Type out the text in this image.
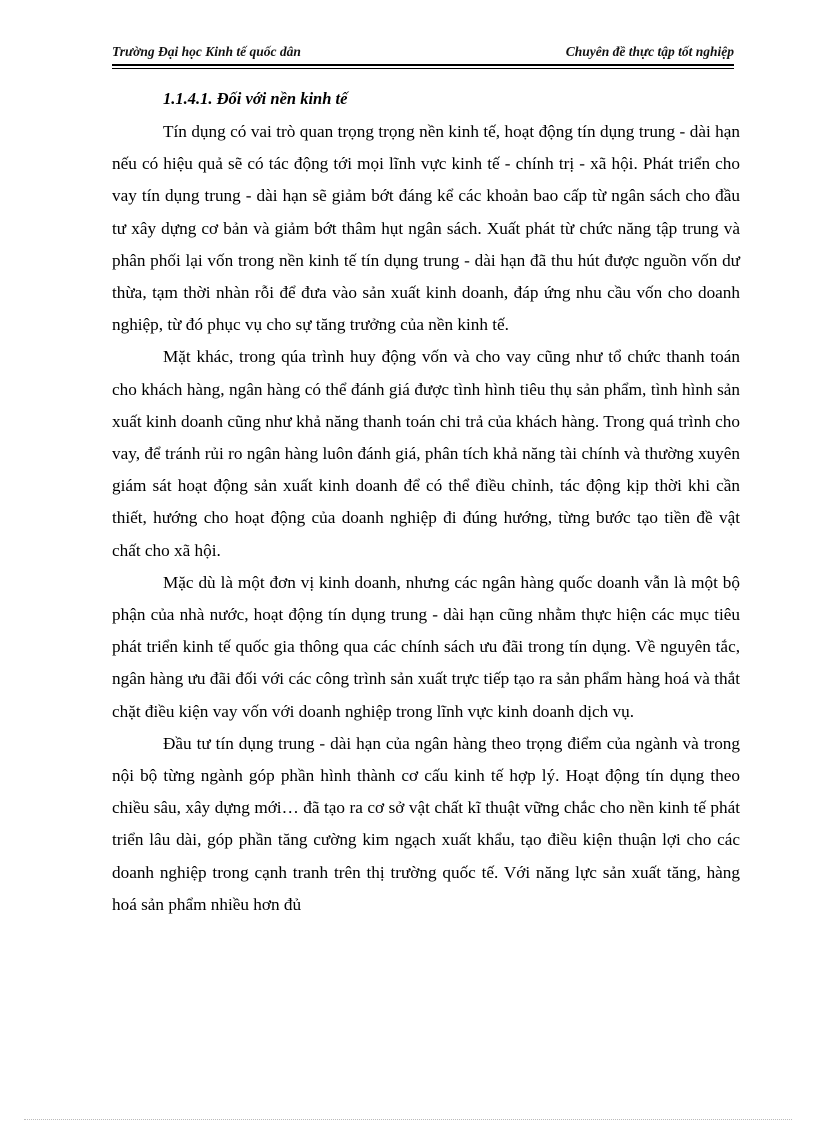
Trường Đại học Kinh tế quốc dân	Chuyên đề thực tập tốt nghiệp
1.1.4.1. Đối với nền kinh tế

Tín dụng có vai trò quan trọng trọng nền kinh tế, hoạt động tín dụng trung - dài hạn nếu có hiệu quả sẽ có tác động tới mọi lĩnh vực kinh tế - chính trị - xã hội. Phát triển cho vay tín dụng trung - dài hạn sẽ giảm bớt đáng kể các khoản bao cấp từ ngân sách cho đầu tư xây dựng cơ bản và giảm bớt thâm hụt ngân sách. Xuất phát từ chức năng tập trung và phân phối lại vốn trong nền kinh tế tín dụng trung - dài hạn đã thu hút được nguồn vốn dư thừa, tạm thời nhàn rỗi để đưa vào sản xuất kinh doanh, đáp ứng nhu cầu vốn cho doanh nghiệp, từ đó phục vụ cho sự tăng trưởng của nền kinh tế.

Mặt khác, trong qúa trình huy động vốn và cho vay cũng như tổ chức thanh toán cho khách hàng, ngân hàng có thể đánh giá được tình hình tiêu thụ sản phẩm, tình hình sản xuất kinh doanh cũng như khả năng thanh toán chi trả của khách hàng. Trong quá trình cho vay, để tránh rủi ro ngân hàng luôn đánh giá, phân tích khả năng tài chính và thường xuyên giám sát hoạt động sản xuất kinh doanh để có thể điều chỉnh, tác động kịp thời khi cần thiết, hướng cho hoạt động của doanh nghiệp đi đúng hướng, từng bước tạo tiền đề vật chất cho xã hội.

Mặc dù là một đơn vị kinh doanh, nhưng các ngân hàng quốc doanh vẫn là một bộ phận của nhà nước, hoạt động tín dụng trung - dài hạn cũng nhằm thực hiện các mục tiêu phát triển kinh tế quốc gia thông qua các chính sách ưu đãi trong tín dụng. Về nguyên tắc, ngân hàng ưu đãi đối với các công trình sản xuất trực tiếp tạo ra sản phẩm hàng hoá và thắt chặt điều kiện vay vốn với doanh nghiệp trong lĩnh vực kinh doanh dịch vụ.

Đầu tư tín dụng trung - dài hạn của ngân hàng theo trọng điểm của ngành và trong nội bộ từng ngành góp phần hình thành cơ cấu kinh tế hợp lý. Hoạt động tín dụng theo chiều sâu, xây dựng mới… đã tạo ra cơ sở vật chất kĩ thuật vững chắc cho nền kinh tế phát triển lâu dài, góp phần tăng cường kim ngạch xuất khẩu, tạo điều kiện thuận lợi cho các doanh nghiệp trong cạnh tranh trên thị trường quốc tế. Với năng lực sản xuất tăng, hàng hoá sản phẩm nhiều hơn đủ
